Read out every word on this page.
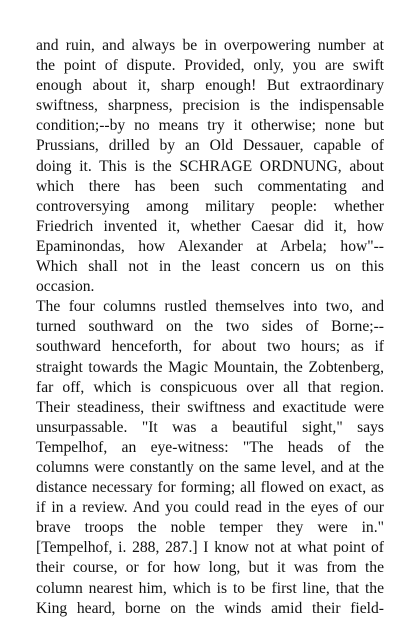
and ruin, and always be in overpowering number at
the point of dispute. Provided, only, you are swift
enough about it, sharp enough! But extraordinary
swiftness, sharpness, precision is the indispensable
condition;--by no means try it otherwise; none but
Prussians, drilled by an Old Dessauer, capable of
doing it. This is the SCHRAGE ORDNUNG, about
which there has been such commentating and
controversying among military people: whether
Friedrich invented it, whether Caesar did it, how
Epaminondas, how Alexander at Arbela; how"--
Which shall not in the least concern us on this
occasion.
The four columns rustled themselves into two, and
turned southward on the two sides of Borne;--
southward henceforth, for about two hours; as if
straight towards the Magic Mountain, the Zobtenberg,
far off, which is conspicuous over all that region.
Their steadiness, their swiftness and exactitude were
unsurpassable. "It was a beautiful sight," says
Tempelhof, an eye-witness: "The heads of the
columns were constantly on the same level, and at the
distance necessary for forming; all flowed on exact, as
if in a review. And you could read in the eyes of our
brave troops the noble temper they were in."
[Tempelhof, i. 288, 287.] I know not at what point of
their course, or for how long, but it was from the
column nearest him, which is to be first line, that the
King heard, borne on the winds amid their field-
